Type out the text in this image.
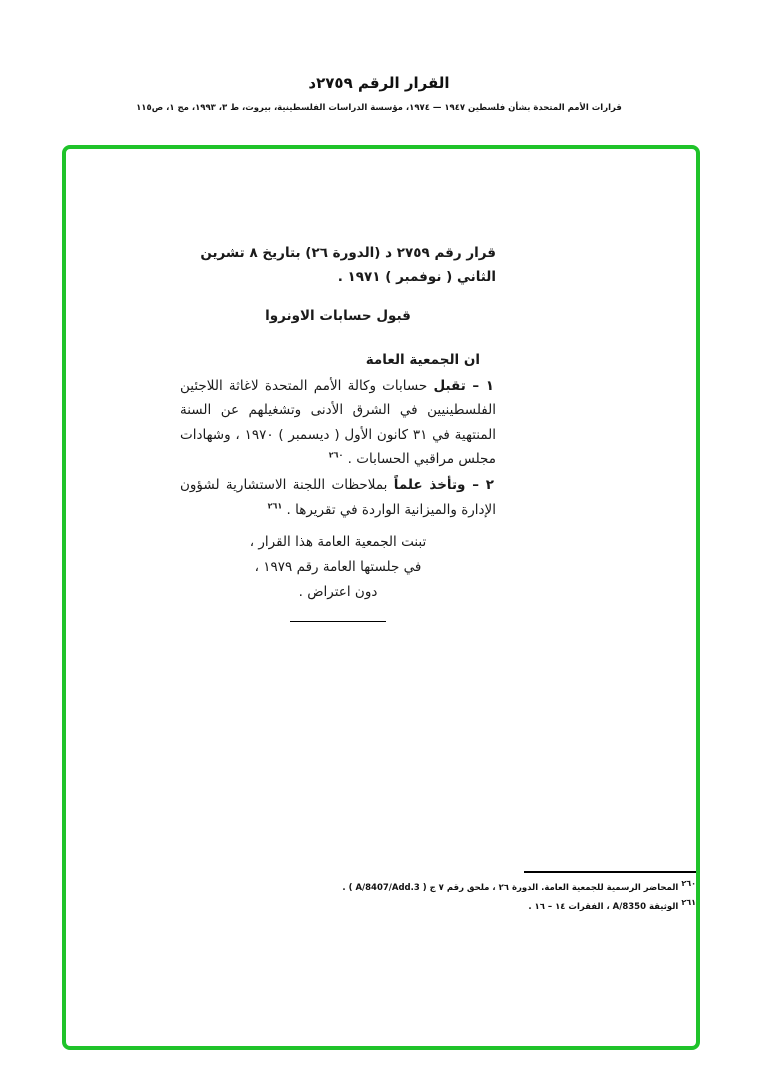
القرار الرقم ٢٧٥٩د
قرارات الأمم المتحدة بشأن فلسطين ١٩٤٧ — ١٩٧٤، مؤسسة الدراسات الفلسطينية، بيروت، ط ٣، ١٩٩٣، مج ١، ص١١٥

قرار رقم ٢٧٥٩ د (الدورة ٢٦) بتاريخ ٨ تشرين الثاني ( نوفمبر ) ١٩٧١ .

قبول حسابات الاونروا

ان الجمعية العامة

١ – تقبل حسابات وكالة الأمم المتحدة لاغاثة اللاجئين الفلسطينيين في الشرق الأدنى وتشغيلهم عن السنة المنتهية في ٣١ كانون الأول ( ديسمبر ) ١٩٧٠ ، وشهادات مجلس مراقبي الحسابات . $^{٢٦٠}$

٢ – وتأخذ علماً بملاحظات اللجنة الاستشارية لشؤون الإدارة والميزانية الواردة في تقريرها . $^{٢٦١}$

تبنت الجمعية العامة هذا القرار ،
في جلستها العامة رقم ١٩٧٩ ،
دون اعتراض .
$^{٢٦٠}$المحاضر الرسمية للجمعية العامة. الدورة ٢٦ ، ملحق رقم ٧ ج ( A/8407/Add.3 ) .
$^{٢٦١}$الوثيقة A/8350 ، الفقرات ١٤ – ١٦ .
